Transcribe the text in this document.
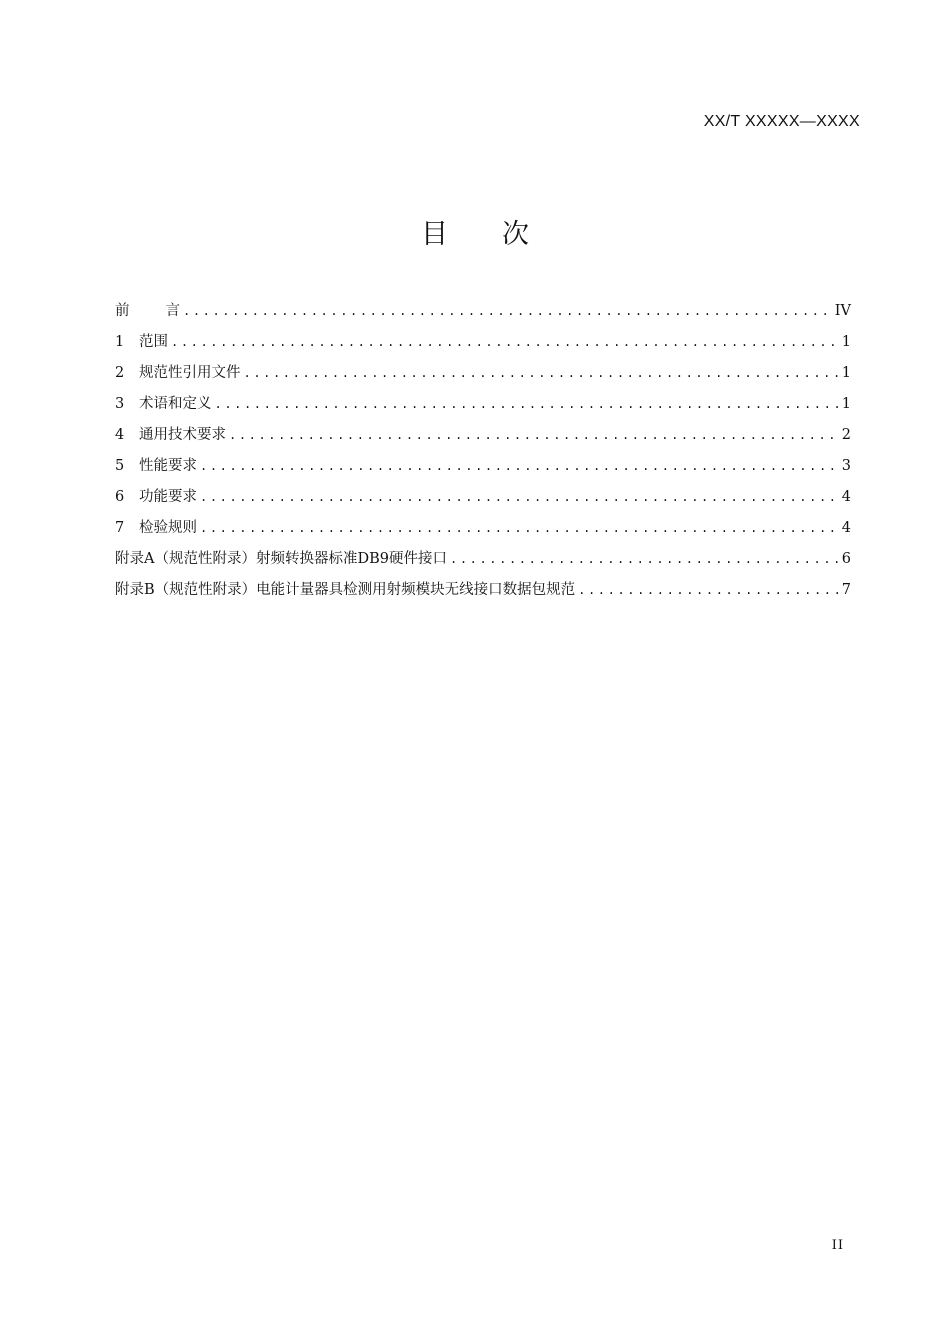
XX/T XXXXX—XXXX
目 次
前 言 .....	IV
1	范围 .....	1
2	规范性引用文件 .....	1
3	术语和定义 .....	1
4	通用技术要求 .....	2
5	性能要求 .....	3
6	功能要求 .....	4
7	检验规则 .....	4
附录A（规范性附录） 射频转换器标准DB9硬件接口 .....	6
附录B（规范性附录） 电能计量器具检测用射频模块无线接口数据包规范 .....	7
II
